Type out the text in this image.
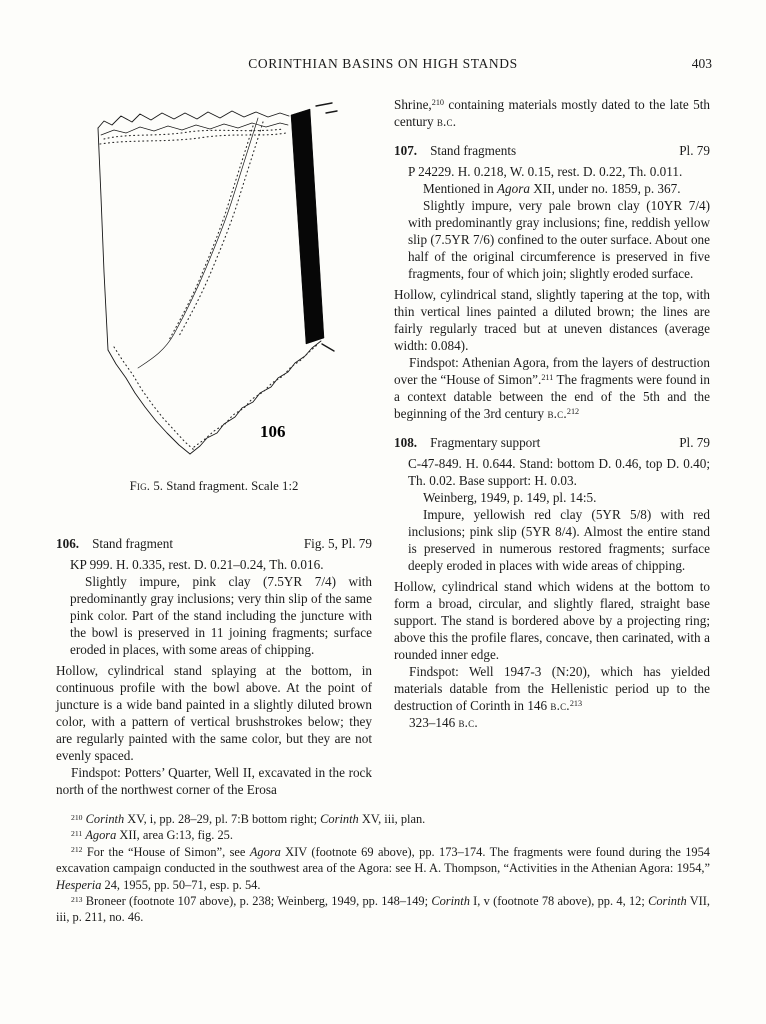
CORINTHIAN BASINS ON HIGH STANDS	403
106
Fig. 5. Stand fragment. Scale 1:2
106. Stand fragment	Fig. 5, Pl. 79

KP 999. H. 0.335, rest. D. 0.21–0.24, Th. 0.016.

Slightly impure, pink clay (7.5YR 7/4) with predominantly gray inclusions; very thin slip of the same pink color. Part of the stand including the juncture with the bowl is preserved in 11 joining fragments; surface eroded in places, with some areas of chipping.

Hollow, cylindrical stand splaying at the bottom, in continuous profile with the bowl above. At the point of juncture is a wide band painted in a slightly diluted brown color, with a pattern of vertical brushstrokes below; they are regularly painted with the same color, but they are not evenly spaced.

Findspot: Potters’ Quarter, Well II, excavated in the rock north of the northwest corner of the Erosa

Shrine,$^{210}$ containing materials mostly dated to the late 5th century b.c.

107. Stand fragments	Pl. 79

P 24229. H. 0.218, W. 0.15, rest. D. 0.22, Th. 0.011.

Mentioned in Agora XII, under no. 1859, p. 367.

Slightly impure, very pale brown clay (10YR 7/4) with predominantly gray inclusions; fine, reddish yellow slip (7.5YR 7/6) confined to the outer surface. About one half of the original circumference is preserved in five fragments, four of which join; slightly eroded surface.

Hollow, cylindrical stand, slightly tapering at the top, with thin vertical lines painted a diluted brown; the lines are fairly regularly traced but at uneven distances (average width: 0.084).

Findspot: Athenian Agora, from the layers of destruction over the “House of Simon”.$^{211}$ The fragments were found in a context datable between the end of the 5th and the beginning of the 3rd century b.c.$^{212}$

108. Fragmentary support	Pl. 79

C-47-849. H. 0.644. Stand: bottom D. 0.46, top D. 0.40; Th. 0.02. Base support: H. 0.03.

Weinberg, 1949, p. 149, pl. 14:5.

Impure, yellowish red clay (5YR 5/8) with red inclusions; pink slip (5YR 8/4). Almost the entire stand is preserved in numerous restored fragments; surface deeply eroded in places with wide areas of chipping.

Hollow, cylindrical stand which widens at the bottom to form a broad, circular, and slightly flared, straight base support. The stand is bordered above by a projecting ring; above this the profile flares, concave, then carinated, with a rounded inner edge.

Findspot: Well 1947-3 (N:20), which has yielded materials datable from the Hellenistic period up to the destruction of Corinth in 146 b.c.$^{213}$

323–146 b.c.

$^{210}$ Corinth XV, i, pp. 28–29, pl. 7:B bottom right; Corinth XV, iii, plan.

$^{211}$ Agora XII, area G:13, fig. 25.

$^{212}$ For the “House of Simon”, see Agora XIV (footnote 69 above), pp. 173–174. The fragments were found during the 1954 excavation campaign conducted in the southwest area of the Agora: see H. A. Thompson, “Activities in the Athenian Agora: 1954,” Hesperia 24, 1955, pp. 50–71, esp. p. 54.

$^{213}$ Broneer (footnote 107 above), p. 238; Weinberg, 1949, pp. 148–149; Corinth I, v (footnote 78 above), pp. 4, 12; Corinth VII, iii, p. 211, no. 46.
